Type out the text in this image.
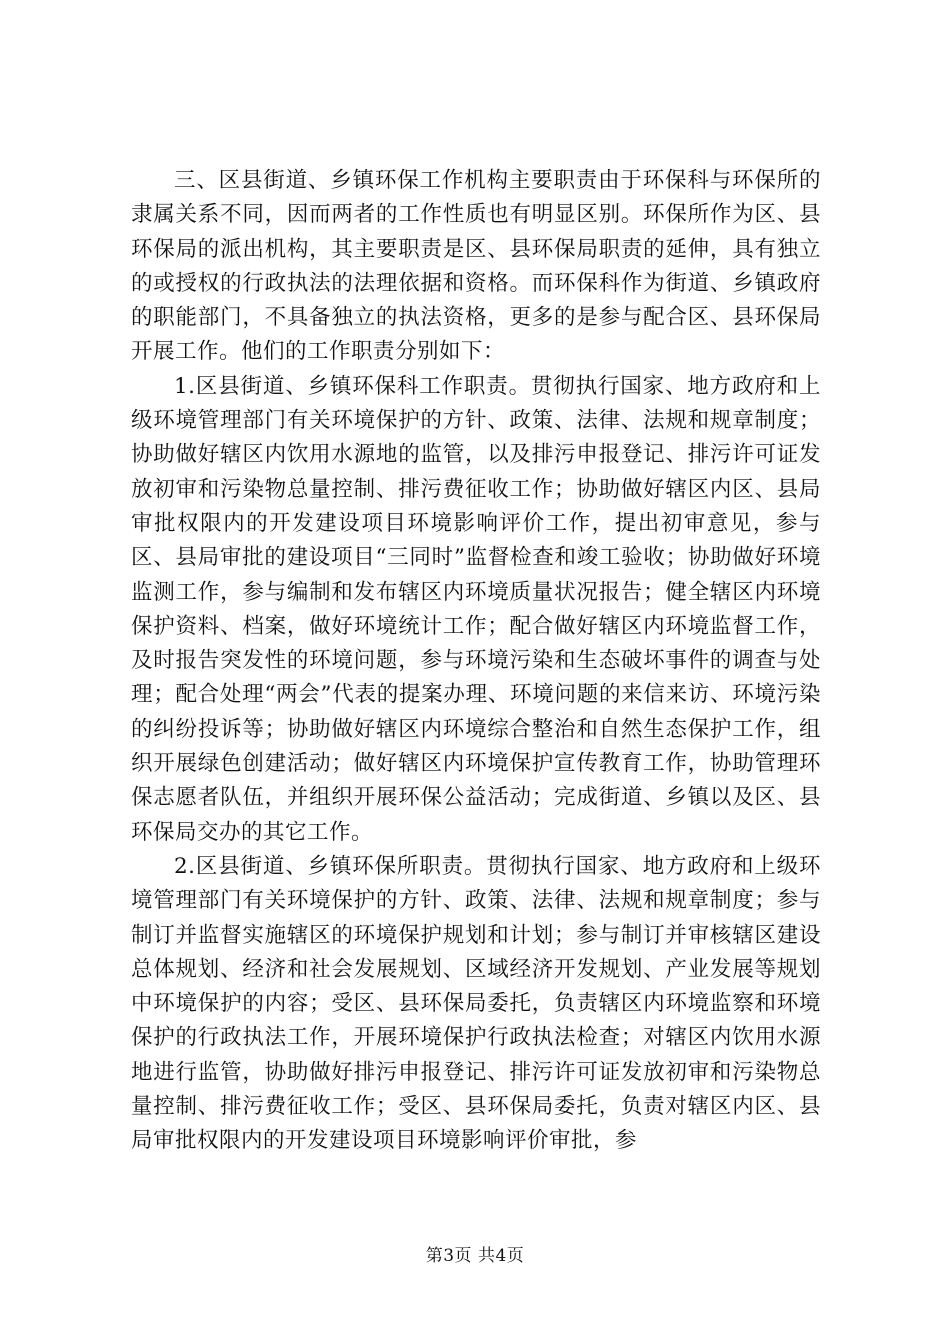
三、区县街道、乡镇环保工作机构主要职责由于环保科与环保所的隶属关系不同，因而两者的工作性质也有明显区别。环保所作为区、县环保局的派出机构，其主要职责是区、县环保局职责的延伸，具有独立的或授权的行政执法的法理依据和资格。而环保科作为街道、乡镇政府的职能部门，不具备独立的执法资格，更多的是参与配合区、县环保局开展工作。他们的工作职责分别如下：

1.区县街道、乡镇环保科工作职责。贯彻执行国家、地方政府和上级环境管理部门有关环境保护的方针、政策、法律、法规和规章制度；协助做好辖区内饮用水源地的监管，以及排污申报登记、排污许可证发放初审和污染物总量控制、排污费征收工作；协助做好辖区内区、县局审批权限内的开发建设项目环境影响评价工作，提出初审意见，参与区、县局审批的建设项目“三同时”监督检查和竣工验收；协助做好环境监测工作，参与编制和发布辖区内环境质量状况报告；健全辖区内环境保护资料、档案，做好环境统计工作；配合做好辖区内环境监督工作，及时报告突发性的环境问题，参与环境污染和生态破坏事件的调查与处理；配合处理“两会”代表的提案办理、环境问题的来信来访、环境污染的纠纷投诉等；协助做好辖区内环境综合整治和自然生态保护工作，组织开展绿色创建活动；做好辖区内环境保护宣传教育工作，协助管理环保志愿者队伍，并组织开展环保公益活动；完成街道、乡镇以及区、县环保局交办的其它工作。

2.区县街道、乡镇环保所职责。贯彻执行国家、地方政府和上级环境管理部门有关环境保护的方针、政策、法律、法规和规章制度；参与制订并监督实施辖区的环境保护规划和计划；参与制订并审核辖区建设总体规划、经济和社会发展规划、区域经济开发规划、产业发展等规划中环境保护的内容；受区、县环保局委托，负责辖区内环境监察和环境保护的行政执法工作，开展环境保护行政执法检查；对辖区内饮用水源地进行监管，协助做好排污申报登记、排污许可证发放初审和污染物总量控制、排污费征收工作；受区、县环保局委托，负责对辖区内区、县局审批权限内的开发建设项目环境影响评价审批，参

第3页 共4页
